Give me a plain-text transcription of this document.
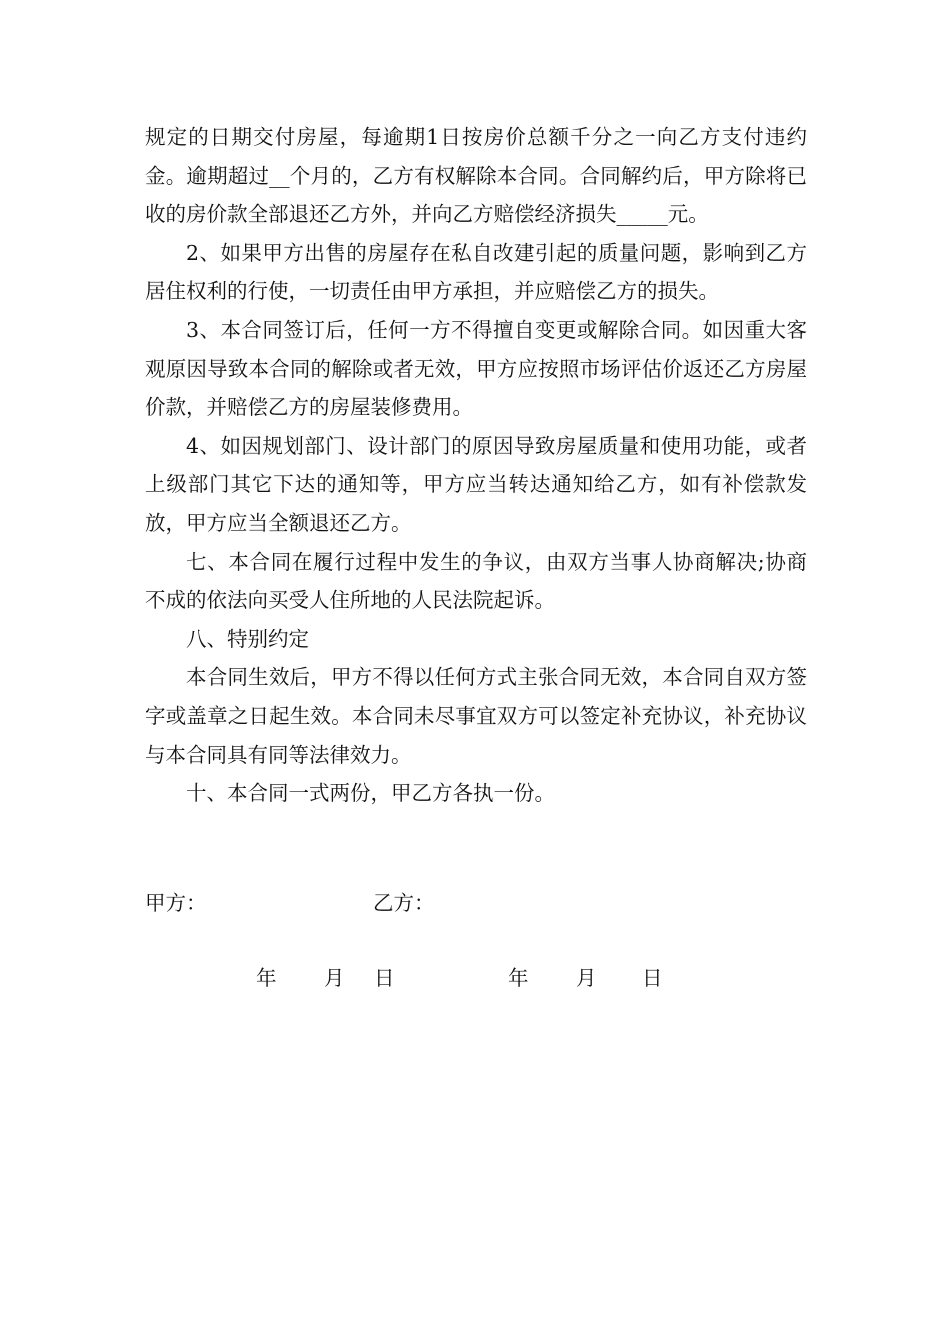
规定的日期交付房屋，每逾期1日按房价总额千分之一向乙方支付违约金。逾期超过__个月的，乙方有权解除本合同。合同解约后，甲方除将已收的房价款全部退还乙方外，并向乙方赔偿经济损失_____元。

2、如果甲方出售的房屋存在私自改建引起的质量问题，影响到乙方居住权利的行使，一切责任由甲方承担，并应赔偿乙方的损失。

3、本合同签订后，任何一方不得擅自变更或解除合同。如因重大客观原因导致本合同的解除或者无效，甲方应按照市场评估价返还乙方房屋价款，并赔偿乙方的房屋装修费用。

4、如因规划部门、设计部门的原因导致房屋质量和使用功能，或者上级部门其它下达的通知等，甲方应当转达通知给乙方，如有补偿款发放，甲方应当全额退还乙方。

七、本合同在履行过程中发生的争议，由双方当事人协商解决;协商不成的依法向买受人住所地的人民法院起诉。

八、特别约定

本合同生效后，甲方不得以任何方式主张合同无效，本合同自双方签字或盖章之日起生效。本合同未尽事宜双方可以签定补充协议，补充协议与本合同具有同等法律效力。

十、本合同一式两份，甲乙方各执一份。

甲方：	乙方：
年 月 日	年 月 日
